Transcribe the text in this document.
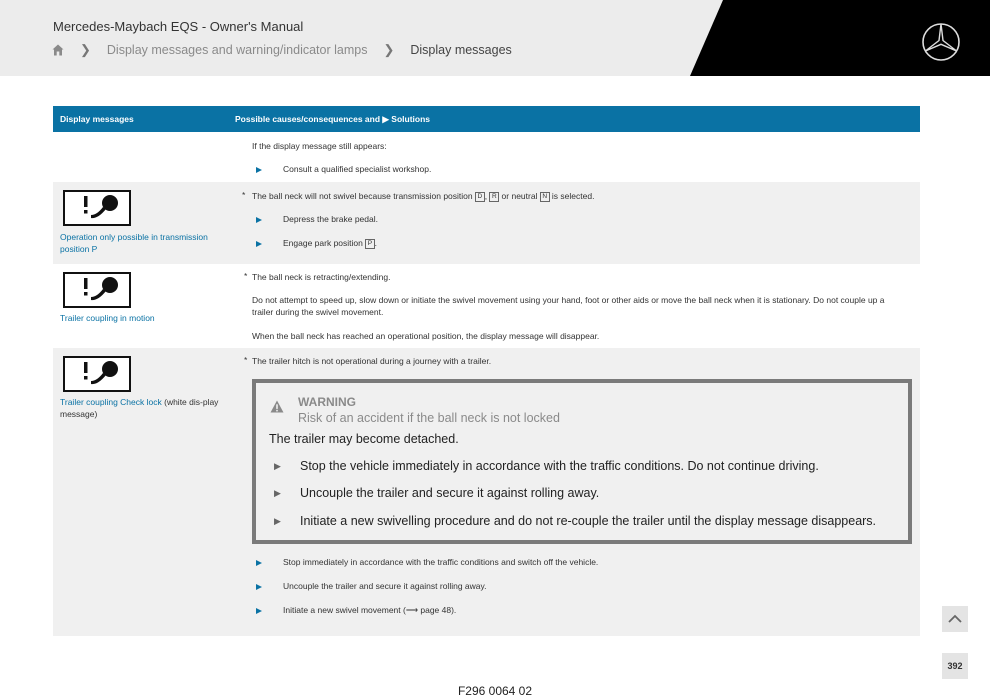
Mercedes-Maybach EQS - Owner's Manual
❯ Display messages and warning/indicator lamps ❯ Display messages
Display messages	Possible causes/consequences and ▶ Solutions
If the display message still appears:
Consult a qualified specialist workshop.
Operation only possible in transmission position P
* The ball neck will not swivel because transmission position D , R or neutral N is selected.
Depress the brake pedal.
Engage park position P .
Trailer coupling in motion
* The ball neck is retracting/extending.
Do not attempt to speed up, slow down or initiate the swivel movement using your hand, foot or other aids or move the ball neck when it is stationary. Do not couple up a trailer during the swivel movement.
When the ball neck has reached an operational position, the display message will disappear.
Trailer coupling Check lock (white dis-play message)
* The trailer hitch is not operational during a journey with a trailer.
WARNING
Risk of an accident if the ball neck is not locked
The trailer may become detached.
▶ Stop the vehicle immediately in accordance with the traffic conditions. Do not continue driving.
▶ Uncouple the trailer and secure it against rolling away.
▶ Initiate a new swivelling procedure and do not re-couple the trailer until the display message disappears.
Stop immediately in accordance with the traffic conditions and switch off the vehicle.
Uncouple the trailer and secure it against rolling away.
Initiate a new swivel movement (⟶ page 48).
392
F296 0064 02
